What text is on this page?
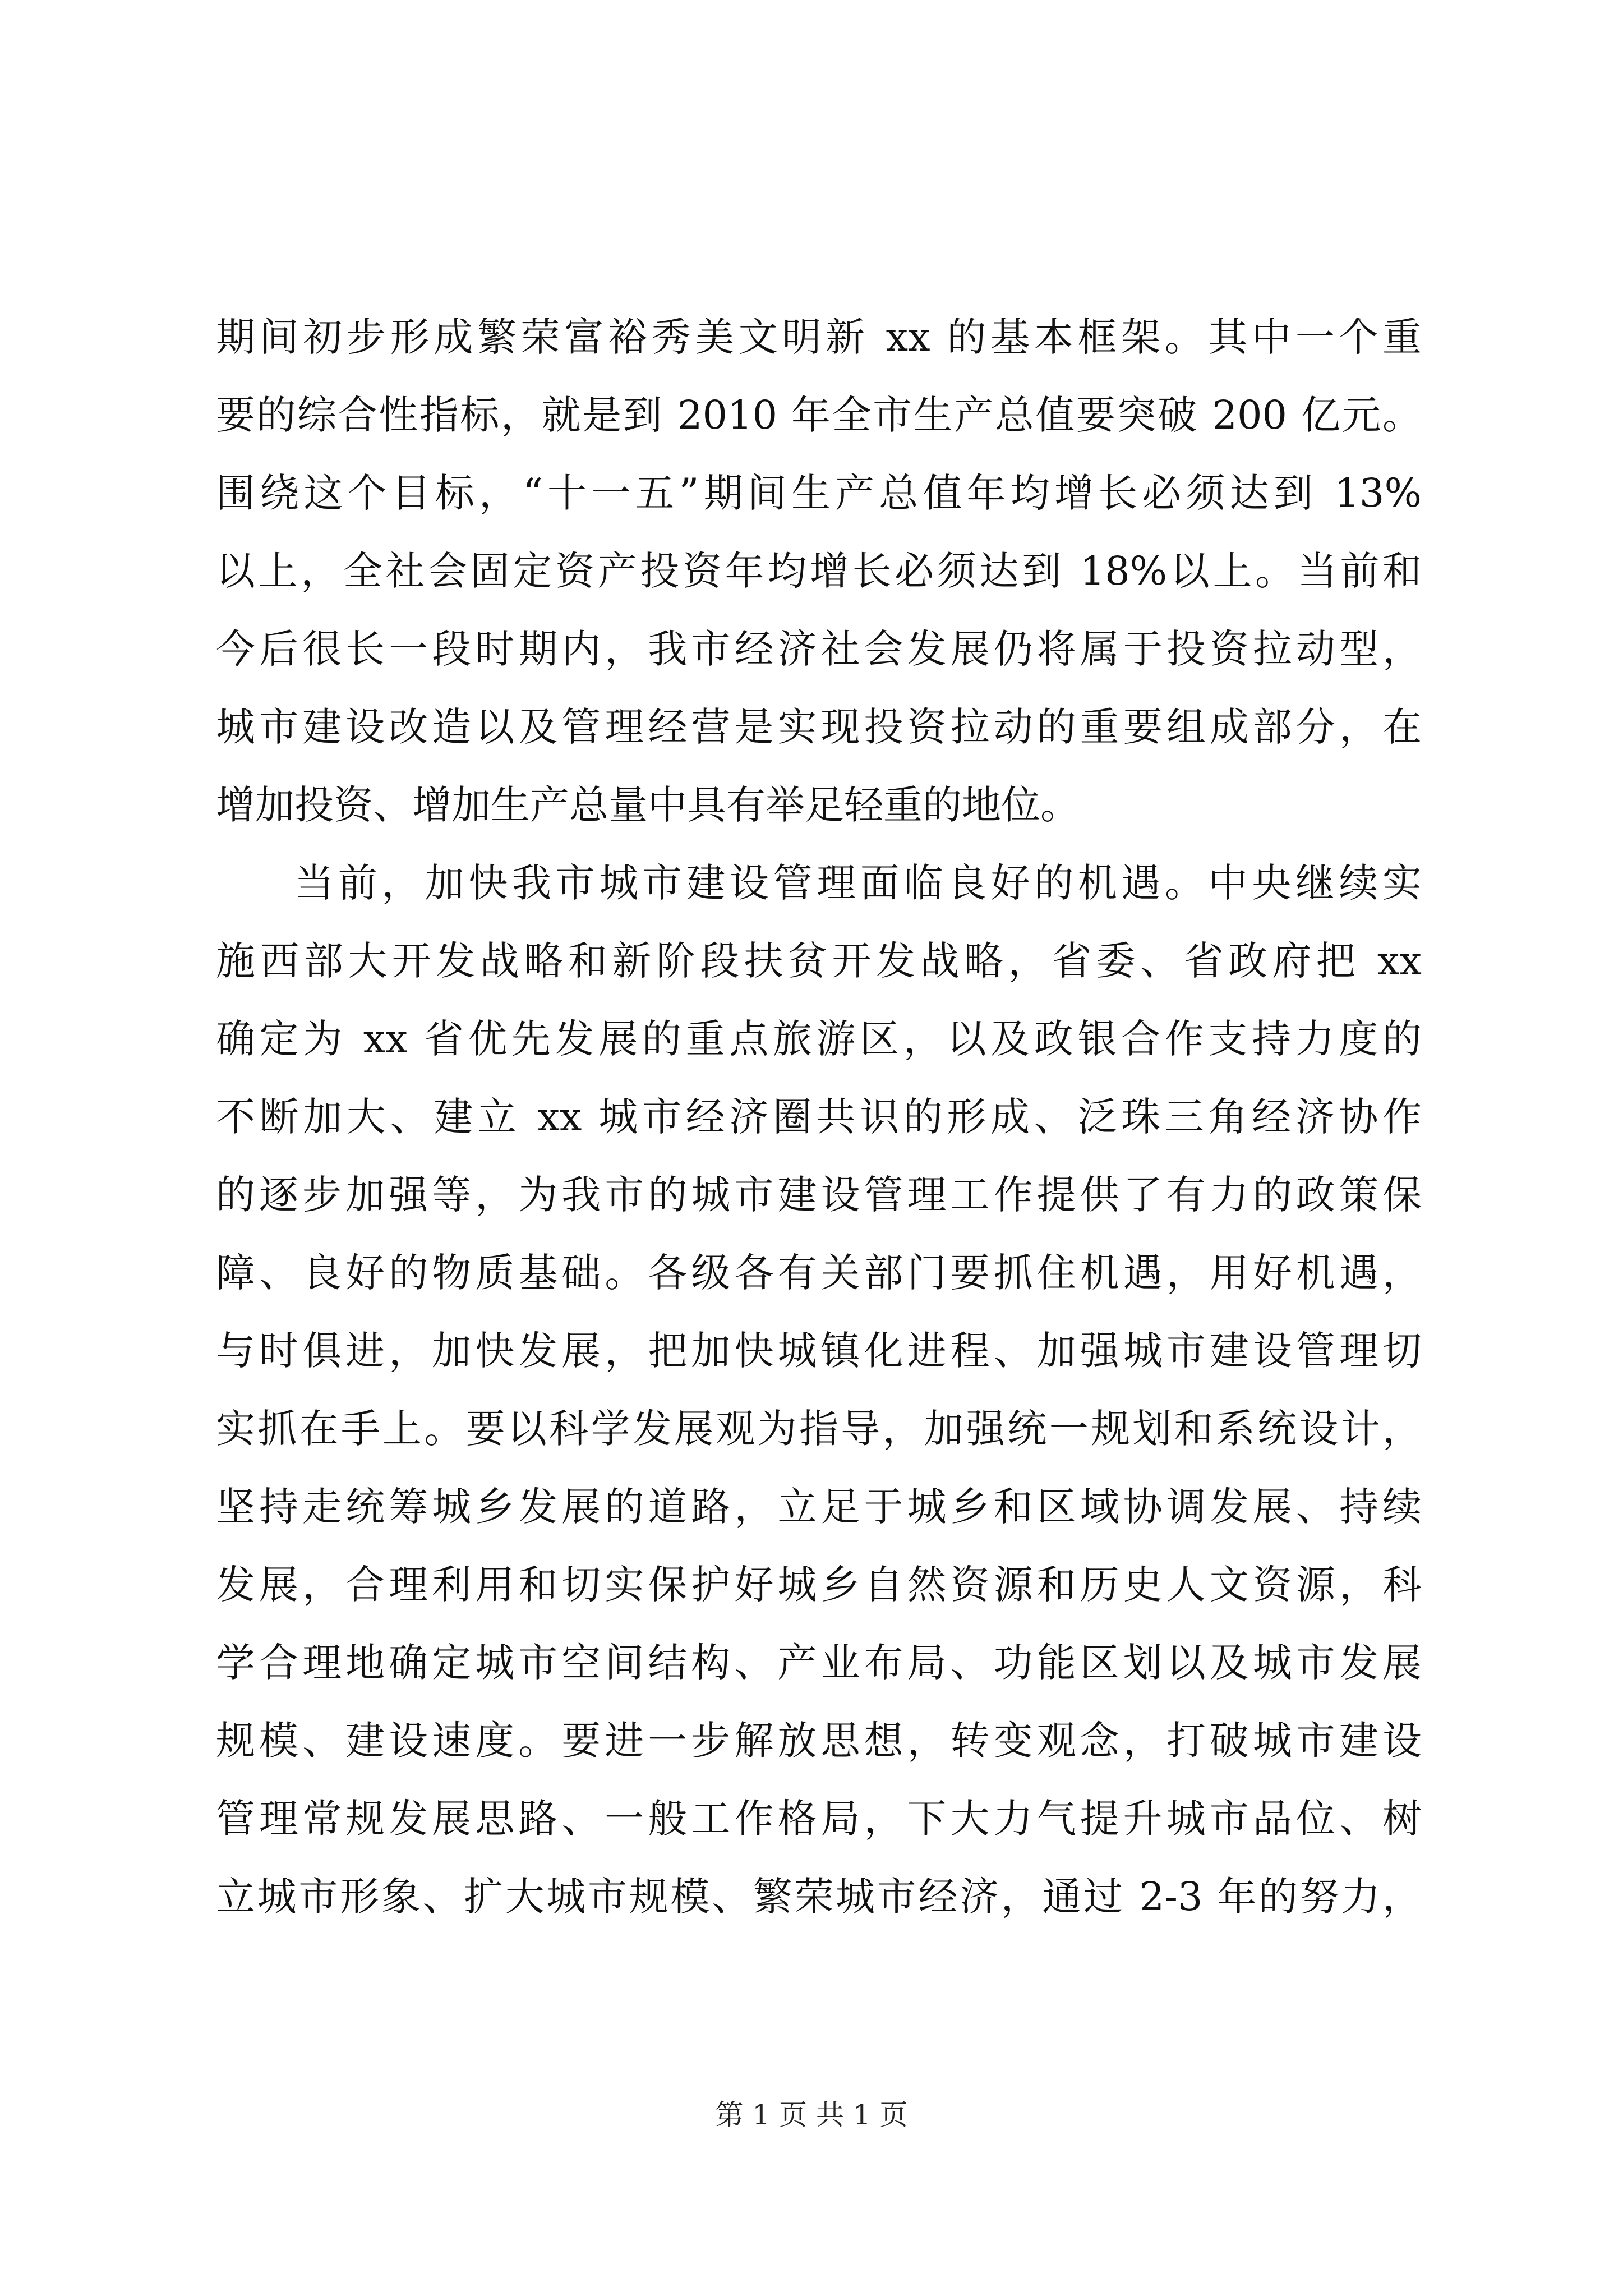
期间初步形成繁荣富裕秀美文明新 xx 的基本框架。其中一个重
要的综合性指标，就是到 2010 年全市生产总值要突破 200 亿元。
围绕这个目标，“十一五”期间生产总值年均增长必须达到 13%
以上，全社会固定资产投资年均增长必须达到 18%以上。当前和
今后很长一段时期内，我市经济社会发展仍将属于投资拉动型，
城市建设改造以及管理经营是实现投资拉动的重要组成部分，在
增加投资、增加生产总量中具有举足轻重的地位。
当前，加快我市城市建设管理面临良好的机遇。中央继续实
施西部大开发战略和新阶段扶贫开发战略，省委、省政府把 xx
确定为 xx 省优先发展的重点旅游区，以及政银合作支持力度的
不断加大、建立 xx 城市经济圈共识的形成、泛珠三角经济协作
的逐步加强等，为我市的城市建设管理工作提供了有力的政策保
障、良好的物质基础。各级各有关部门要抓住机遇，用好机遇，
与时俱进，加快发展，把加快城镇化进程、加强城市建设管理切
实抓在手上。要以科学发展观为指导，加强统一规划和系统设计，
坚持走统筹城乡发展的道路，立足于城乡和区域协调发展、持续
发展，合理利用和切实保护好城乡自然资源和历史人文资源，科
学合理地确定城市空间结构、产业布局、功能区划以及城市发展
规模、建设速度。要进一步解放思想，转变观念，打破城市建设
管理常规发展思路、一般工作格局，下大力气提升城市品位、树
立城市形象、扩大城市规模、繁荣城市经济，通过 2-3 年的努力，
第 1 页 共 1 页
